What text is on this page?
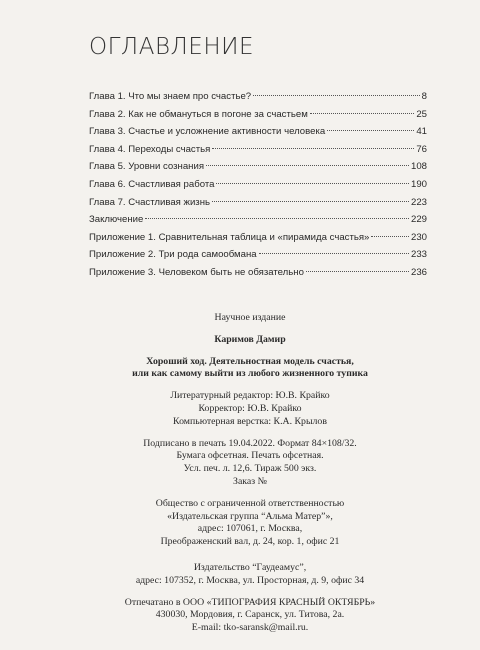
ОГЛАВЛЕНИЕ
Глава 1. Что мы знаем про счастье?	8
Глава 2. Как не обмануться в погоне за счастьем	25
Глава 3. Счастье и усложнение активности человека	41
Глава 4. Переходы счастья	76
Глава 5. Уровни сознания	108
Глава 6. Счастливая работа	190
Глава 7. Счастливая жизнь	223
Заключение	229
Приложение 1. Сравнительная таблица и «пирамида счастья»	230
Приложение 2. Три рода самообмана	233
Приложение 3. Человеком быть не обязательно	236
Научное издание
Каримов Дамир
Хороший ход. Деятельностная модель счастья,
или как самому выйти из любого жизненного тупика
Литературный редактор: Ю.В. Крайко
Корректор: Ю.В. Крайко
Компьютерная верстка: К.А. Крылов
Подписано в печать 19.04.2022. Формат 84×108/32.
Бумага офсетная. Печать офсетная.
Усл. печ. л. 12,6. Тираж 500 экз.
Заказ №
Общество с ограниченной ответственностью
«Издательская группа “Альма Матер”»,
адрес: 107061, г. Москва,
Преображенский вал, д. 24, кор. 1, офис 21
Издательство “Гаудеамус”,
адрес: 107352, г. Москва, ул. Просторная, д. 9, офис 34
Отпечатано в ООО «ТИПОГРАФИЯ КРАСНЫЙ ОКТЯБРЬ»
430030, Мордовия, г. Саранск, ул. Титова, 2а.
E-mail: tko-saransk@mail.ru.
